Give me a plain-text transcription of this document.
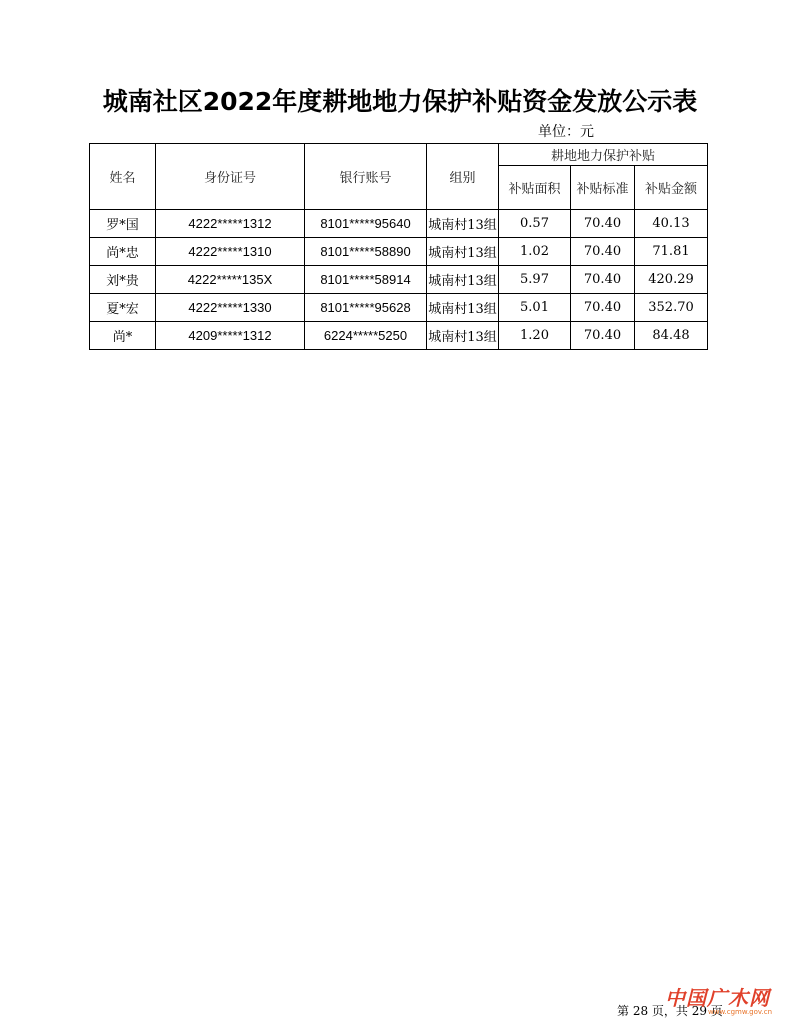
城南社区2022年度耕地地力保护补贴资金发放公示表
单位：元
姓名	身份证号	银行账号	组别	耕地地力保护补贴		
				补贴面积	补贴标准	补贴金额
罗*国	4222*****1312	8101*****95640	城南村13组	0.57	70.40	40.13
尚*忠	4222*****1310	8101*****58890	城南村13组	1.02	70.40	71.81
刘*贵	4222*****135X	8101*****58914	城南村13组	5.97	70.40	420.29
夏*宏	4222*****1330	8101*****95628	城南村13组	5.01	70.40	352.70
尚*	4209*****1312	6224*****5250	城南村13组	1.20	70.40	84.48
第 28 页，共 29 页
中国广木网
www.cgmw.gov.cn
